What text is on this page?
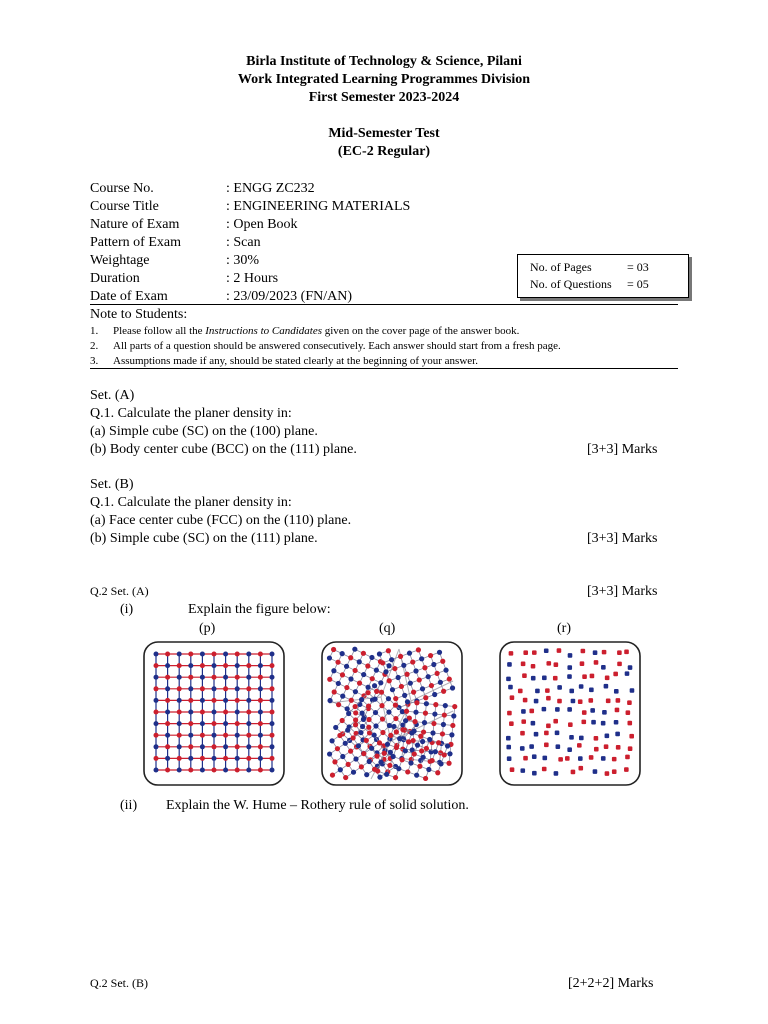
Birla Institute of Technology & Science, Pilani
Work Integrated Learning Programmes Division
First Semester 2023-2024
Mid-Semester Test
(EC-2 Regular)
Course No.	: ENGG ZC232
Course Title	: ENGINEERING MATERIALS
Nature of Exam	: Open Book
Pattern of Exam	: Scan
Weightage	: 30%
Duration	: 2 Hours
Date of Exam	: 23/09/2023 (FN/AN)
No. of Pages	= 03
No. of Questions = 05
Note to Students:
1. Please follow all the Instructions to Candidates given on the cover page of the answer book.
2. All parts of a question should be answered consecutively. Each answer should start from a fresh page.
3. Assumptions made if any, should be stated clearly at the beginning of your answer.
Set. (A)
Q.1. Calculate the planer density in:
(a) Simple cube (SC) on the (100) plane.
(b) Body center cube (BCC) on the (111) plane.	[3+3] Marks
Set. (B)
Q.1. Calculate the planer density in:
(a) Face center cube (FCC) on the (110) plane.
(b) Simple cube (SC) on the (111) plane.	[3+3] Marks
Q.2 Set. (A)	[3+3] Marks
(i)	Explain the figure below:
(p)	(q)	(r)
(ii) Explain the W. Hume – Rothery rule of solid solution.
Q.2 Set. (B)	[2+2+2] Marks
